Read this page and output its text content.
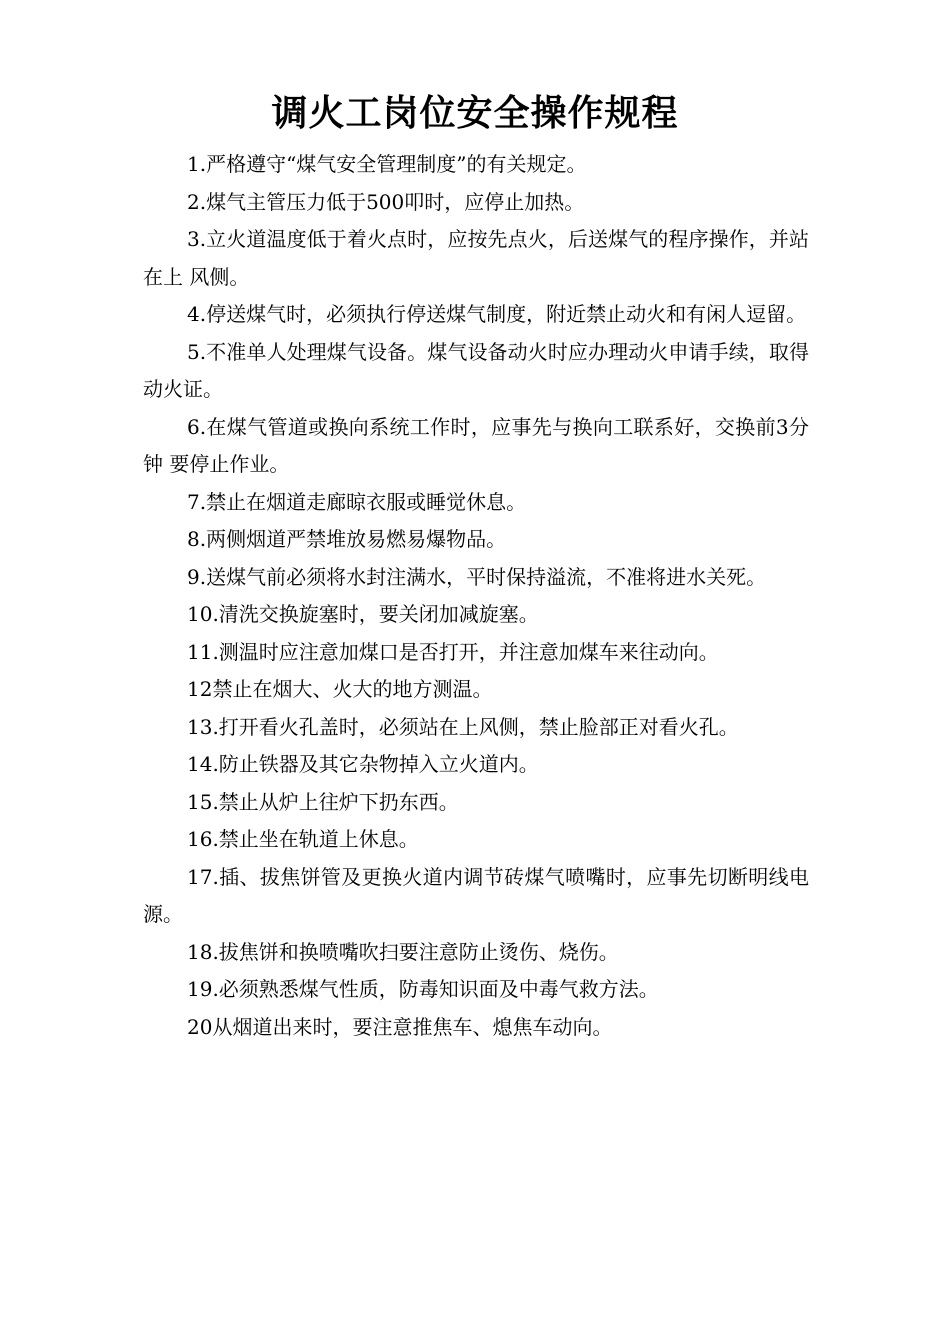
调火工岗位安全操作规程
1.严格遵守“煤气安全管理制度”的有关规定。
2.煤气主管压力低于500叩时，应停止加热。
3.立火道温度低于着火点时，应按先点火，后送煤气的程序操作，并站在上 风侧。
4.停送煤气时，必须执行停送煤气制度，附近禁止动火和有闲人逗留。
5.不准单人处理煤气设备。煤气设备动火时应办理动火申请手续，取得动火证。
6.在煤气管道或换向系统工作时，应事先与换向工联系好，交换前3分钟 要停止作业。
7.禁止在烟道走廊晾衣服或睡觉休息。
8.两侧烟道严禁堆放易燃易爆物品。
9.送煤气前必须将水封注满水，平时保持溢流，不准将进水关死。
10.清洗交换旋塞时，要关闭加减旋塞。
11.测温时应注意加煤口是否打开，并注意加煤车来往动向。
12禁止在烟大、火大的地方测温。
13.打开看火孔盖时，必须站在上风侧，禁止脸部正对看火孔。
14.防止铁器及其它杂物掉入立火道内。
15.禁止从炉上往炉下扔东西。
16.禁止坐在轨道上休息。
17.插、拔焦饼管及更换火道内调节砖煤气喷嘴时，应事先切断明线电源。
18.拔焦饼和换喷嘴吹扫要注意防止烫伤、烧伤。
19.必须熟悉煤气性质，防毒知识面及中毒气救方法。
20从烟道出来时，要注意推焦车、熄焦车动向。
